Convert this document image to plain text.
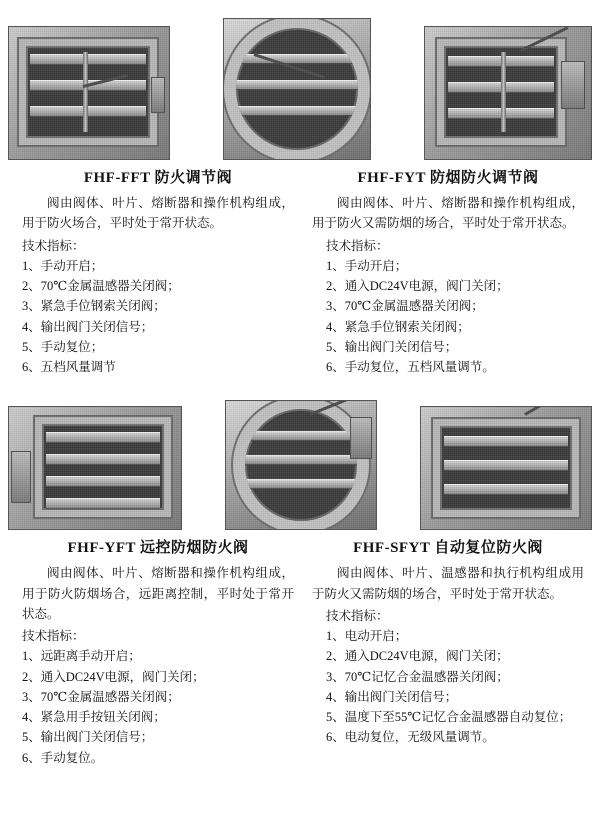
FHF-FFT 防火调节阀

阀由阀体、叶片、熔断器和操作机构组成，用于防火场合，平时处于常开状态。

技术指标：

1、手动开启；
2、70℃金属温感器关闭阀；
3、紧急手位钢索关闭阀；
4、输出阀门关闭信号；
5、手动复位；
6、五档风量调节
FHF-FYT 防烟防火调节阀

阀由阀体、叶片、熔断器和操作机构组成，用于防火又需防烟的场合，平时处于常开状态。

技术指标：

1、手动开启；
2、通入DC24V电源，阀门关闭；
3、70℃金属温感器关闭阀；
4、紧急手位钢索关闭阀；
5、输出阀门关闭信号；
6、手动复位，五档风量调节。
FHF-YFT 远控防烟防火阀

阀由阀体、叶片、熔断器和操作机构组成，用于防火防烟场合，远距离控制，平时处于常开状态。

技术指标：

1、远距离手动开启；
2、通入DC24V电源，阀门关闭；
3、70℃金属温感器关闭阀；
4、紧急用手按钮关闭阀；
5、输出阀门关闭信号；
6、手动复位。
FHF-SFYT 自动复位防火阀

阀由阀体、叶片、温感器和执行机构组成用于防火又需防烟的场合，平时处于常开状态。

技术指标：

1、电动开启；
2、通入DC24V电源，阀门关闭；
3、70℃记忆合金温感器关闭阀；
4、输出阀门关闭信号；
5、温度下至55℃记忆合金温感器自动复位；
6、电动复位，无级风量调节。
